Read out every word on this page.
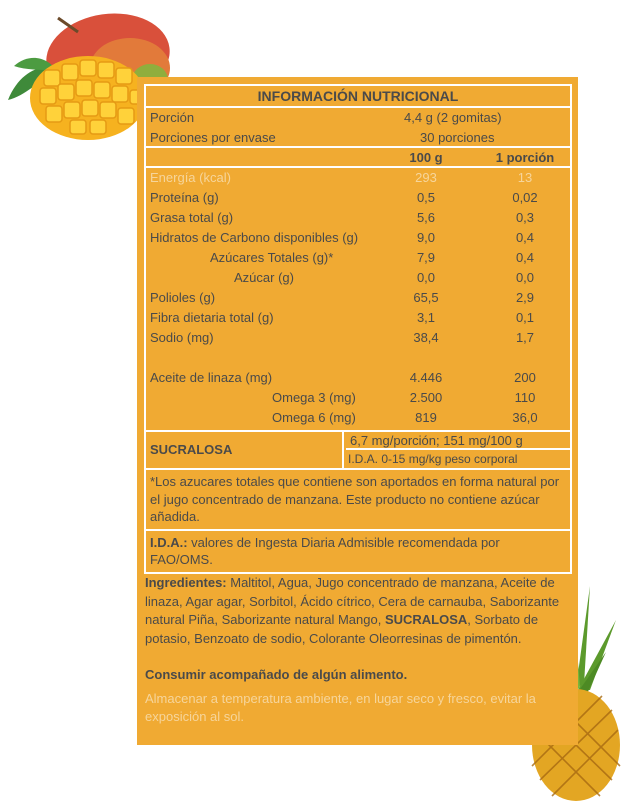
INFORMACIÓN NUTRICIONAL
Porción	4,4 g (2 gomitas)
Porciones por envase	30 porciones
100 g	1 porción
Energía (kcal)	293	13
Proteína (g)	0,5	0,02
Grasa total (g)	5,6	0,3
Hidratos de Carbono disponibles (g)	9,0	0,4
Azúcares Totales (g)*	7,9	0,4
Azúcar (g)	0,0	0,0
Polioles (g)	65,5	2,9
Fibra dietaria total (g)	3,1	0,1
Sodio (mg)	38,4	1,7
Aceite de linaza (mg)	4.446	200
Omega 3 (mg)	2.500	110
Omega 6 (mg)	819	36,0
SUCRALOSA
6,7 mg/porción; 151 mg/100 g
I.D.A. 0-15 mg/kg peso corporal
*Los azucares totales que contiene son aportados en forma natural por el jugo concentrado de manzana. Este producto no contiene azúcar añadida.
I.D.A.: valores de Ingesta Diaria Admisible recomendada por FAO/OMS.
Ingredientes: Maltitol, Agua, Jugo concentrado de manzana, Aceite de linaza, Agar agar, Sorbitol, Ácido cítrico, Cera de carnauba, Saborizante natural Piña, Saborizante natural Mango, SUCRALOSA, Sorbato de potasio, Benzoato de sodio, Colorante Oleorresinas de pimentón.
Consumir acompañado de algún alimento.
Almacenar a temperatura ambiente, en lugar seco y fresco, evitar la exposición al sol.
